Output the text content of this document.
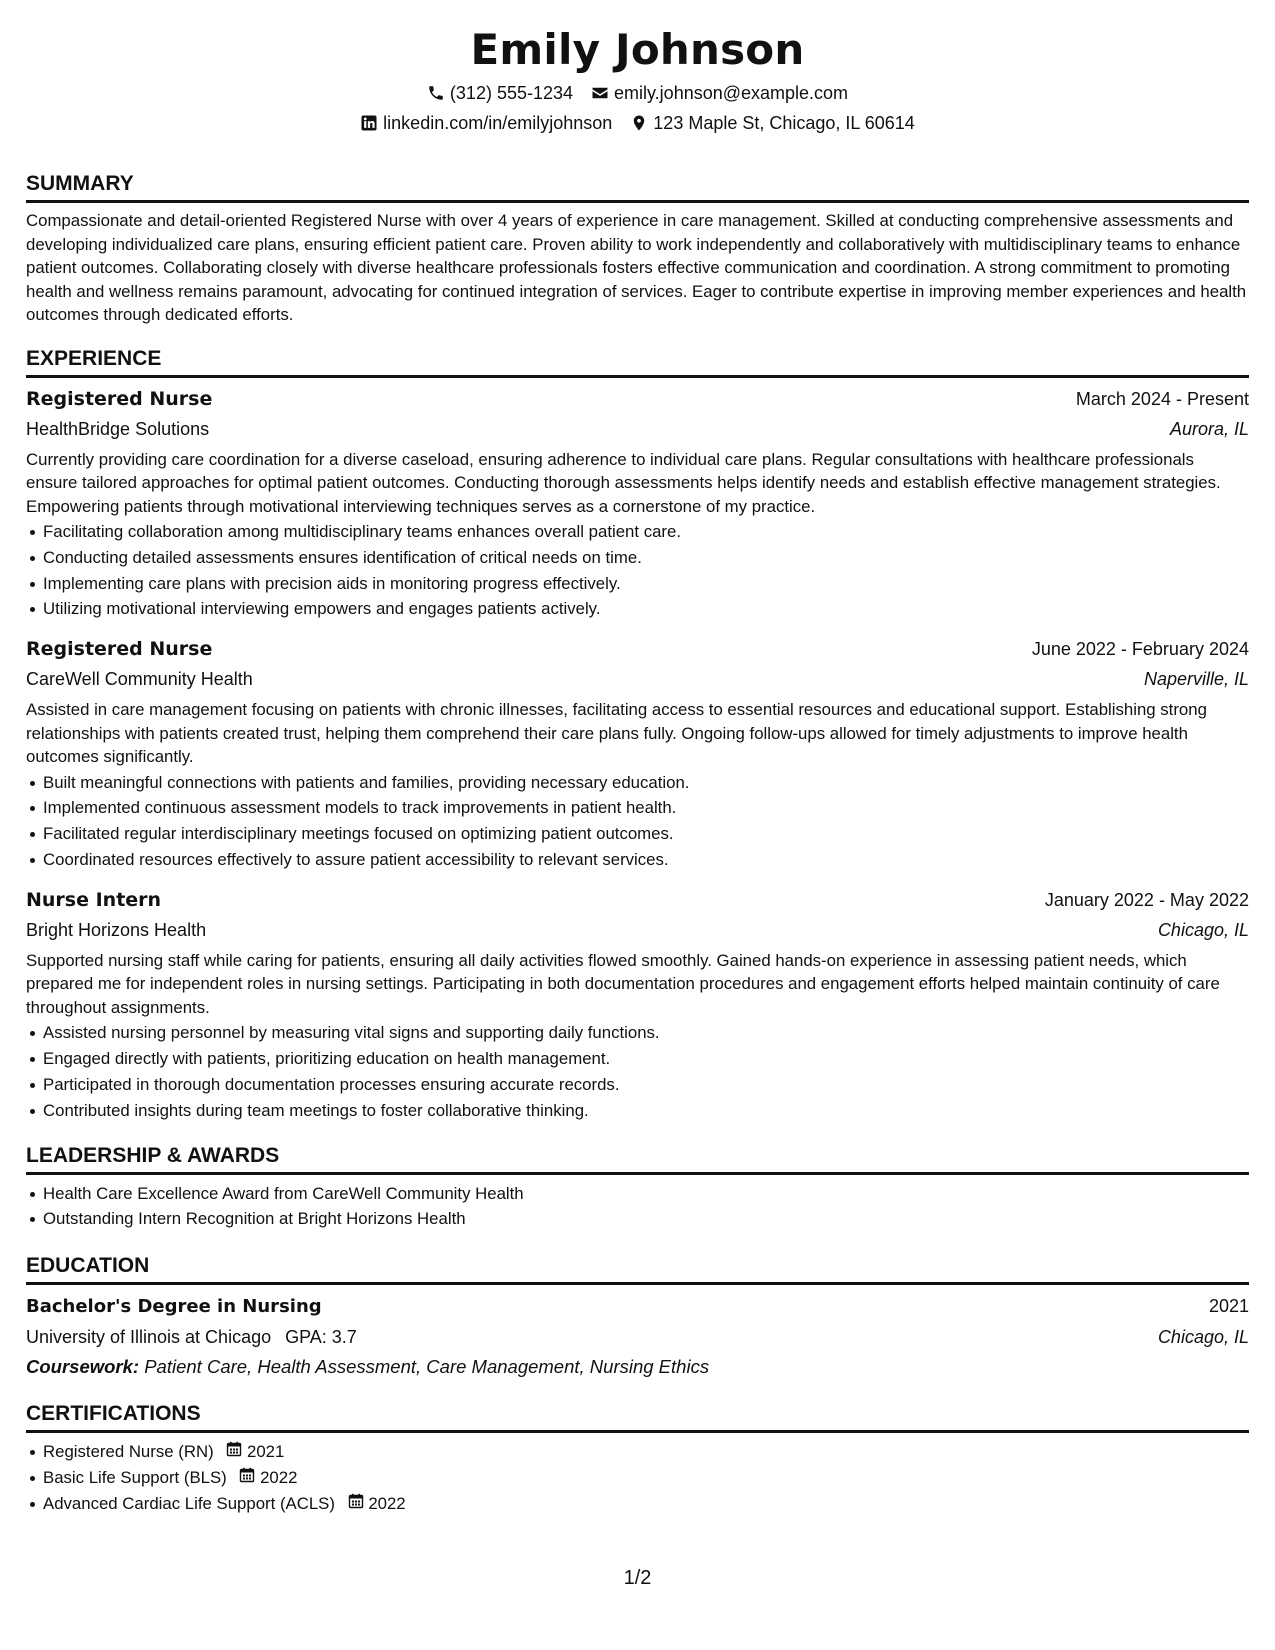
Emily Johnson
(312) 555-1234 emily.johnson@example.com
linkedin.com/in/emilyjohnson 123 Maple St, Chicago, IL 60614
SUMMARY
Compassionate and detail-oriented Registered Nurse with over 4 years of experience in care management. Skilled at conducting comprehensive assessments and developing individualized care plans, ensuring efficient patient care. Proven ability to work independently and collaboratively with multidisciplinary teams to enhance patient outcomes. Collaborating closely with diverse healthcare professionals fosters effective communication and coordination. A strong commitment to promoting health and wellness remains paramount, advocating for continued integration of services. Eager to contribute expertise in improving member experiences and health outcomes through dedicated efforts.
EXPERIENCE
Registered Nurse	March 2024 - Present
HealthBridge Solutions	Aurora, IL
Currently providing care coordination for a diverse caseload, ensuring adherence to individual care plans. Regular consultations with healthcare professionals ensure tailored approaches for optimal patient outcomes. Conducting thorough assessments helps identify needs and establish effective management strategies. Empowering patients through motivational interviewing techniques serves as a cornerstone of my practice.
Facilitating collaboration among multidisciplinary teams enhances overall patient care.
Conducting detailed assessments ensures identification of critical needs on time.
Implementing care plans with precision aids in monitoring progress effectively.
Utilizing motivational interviewing empowers and engages patients actively.
Registered Nurse	June 2022 - February 2024
CareWell Community Health	Naperville, IL
Assisted in care management focusing on patients with chronic illnesses, facilitating access to essential resources and educational support. Establishing strong relationships with patients created trust, helping them comprehend their care plans fully. Ongoing follow-ups allowed for timely adjustments to improve health outcomes significantly.
Built meaningful connections with patients and families, providing necessary education.
Implemented continuous assessment models to track improvements in patient health.
Facilitated regular interdisciplinary meetings focused on optimizing patient outcomes.
Coordinated resources effectively to assure patient accessibility to relevant services.
Nurse Intern	January 2022 - May 2022
Bright Horizons Health	Chicago, IL
Supported nursing staff while caring for patients, ensuring all daily activities flowed smoothly. Gained hands-on experience in assessing patient needs, which prepared me for independent roles in nursing settings. Participating in both documentation procedures and engagement efforts helped maintain continuity of care throughout assignments.
Assisted nursing personnel by measuring vital signs and supporting daily functions.
Engaged directly with patients, prioritizing education on health management.
Participated in thorough documentation processes ensuring accurate records.
Contributed insights during team meetings to foster collaborative thinking.
LEADERSHIP & AWARDS
Health Care Excellence Award from CareWell Community Health
Outstanding Intern Recognition at Bright Horizons Health
EDUCATION
Bachelor's Degree in Nursing	2021
University of Illinois at Chicago GPA: 3.7	Chicago, IL
Coursework: Patient Care, Health Assessment, Care Management, Nursing Ethics
CERTIFICATIONS
Registered Nurse (RN) 2021
Basic Life Support (BLS) 2022
Advanced Cardiac Life Support (ACLS) 2022
1/2
